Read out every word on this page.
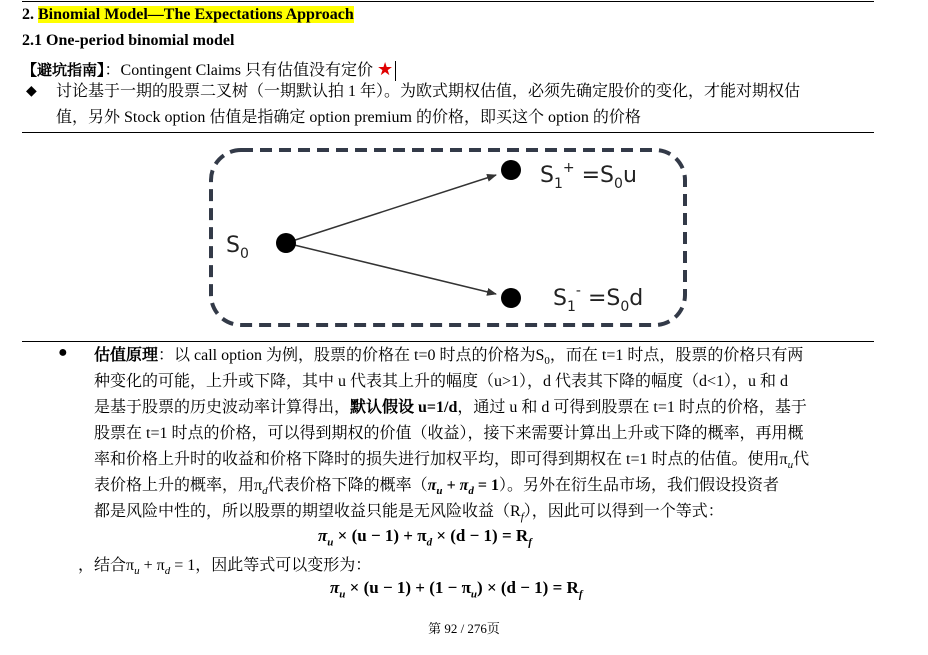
2. Binomial Model—The Expectations Approach
2.1 One-period binomial model
【避坑指南】：Contingent Claims 只有估值没有定价 ★
◆ 讨论基于一期的股票二叉树（一期默认拍 1 年）。为欧式期权估值，必须先确定股价的变化，才能对期权估
值，另外 Stock option 估值是指确定 option premium 的价格，即买这个 option 的价格
$S_0$
$S_1^+ =S_0u$
$S_1^- =S_0d$
● 估值原理：以 call option 为例，股票的价格在 t=0 时点的价格为$S_0$，而在 t=1 时点，股票的价格只有两
种变化的可能，上升或下降，其中 u 代表其上升的幅度（u>1），d 代表其下降的幅度（d<1），u 和 d
是基于股票的历史波动率计算得出，默认假设 u=1/d，通过 u 和 d 可得到股票在 t=1 时点的价格，基于
股票在 t=1 时点的价格，可以得到期权的价值（收益），接下来需要计算出上升或下降的概率，再用概
率和价格上升时的收益和价格下降时的损失进行加权平均，即可得到期权在 t=1 时点的估值。使用$\pi_u$代
表价格上升的概率，用$\pi_d$代表价格下降的概率$(\pi_u + \pi_d = 1)$。另外在衍生品市场，我们假设投资者
都是风险中性的，所以股票的期望收益只能是无风险收益$(R_f)$，因此可以得到一个等式：
$\pi_u \times (u - 1) + \pi_d \times (d - 1) = R_f$
，结合$\pi_u + \pi_d = 1$，因此等式可以变形为：
$\pi_u \times (u - 1) + (1 - \pi_u) \times (d - 1) = R_f$
第 92 / 276页
